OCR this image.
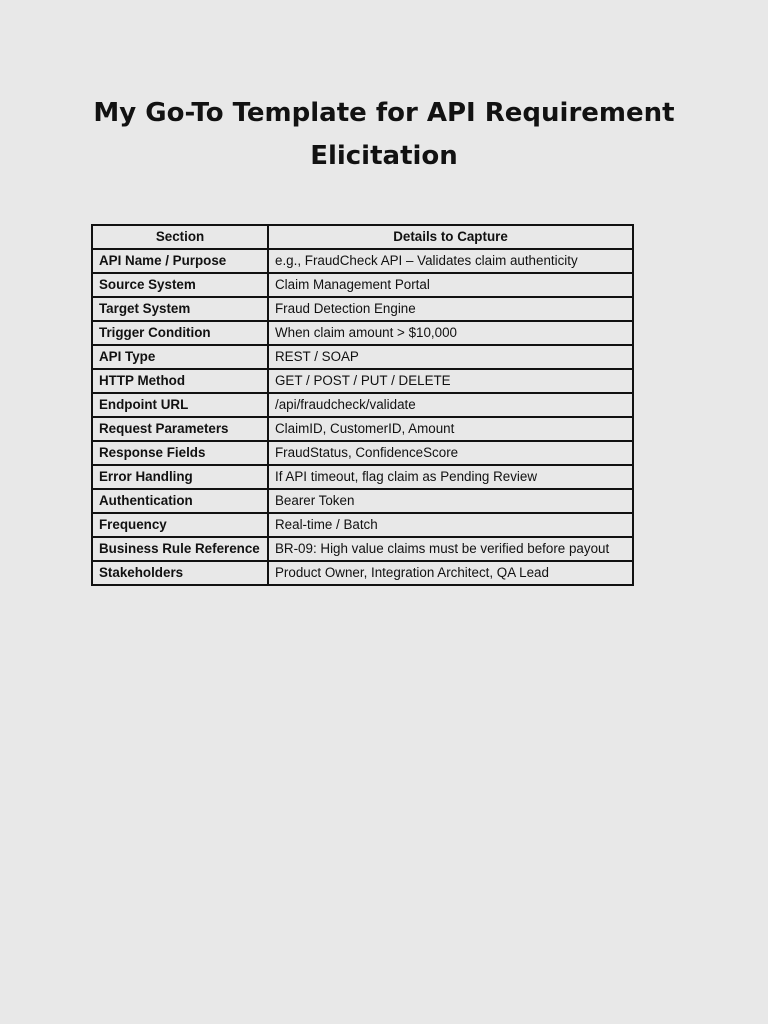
My Go-To Template for API Requirement Elicitation
Section	Details to Capture
API Name / Purpose	e.g., FraudCheck API – Validates claim authenticity
Source System	Claim Management Portal
Target System	Fraud Detection Engine
Trigger Condition	When claim amount > $10,000
API Type	REST / SOAP
HTTP Method	GET / POST / PUT / DELETE
Endpoint URL	/api/fraudcheck/validate
Request Parameters	ClaimID, CustomerID, Amount
Response Fields	FraudStatus, ConfidenceScore
Error Handling	If API timeout, flag claim as Pending Review
Authentication	Bearer Token
Frequency	Real-time / Batch
Business Rule Reference	BR-09: High value claims must be verified before payout
Stakeholders	Product Owner, Integration Architect, QA Lead
